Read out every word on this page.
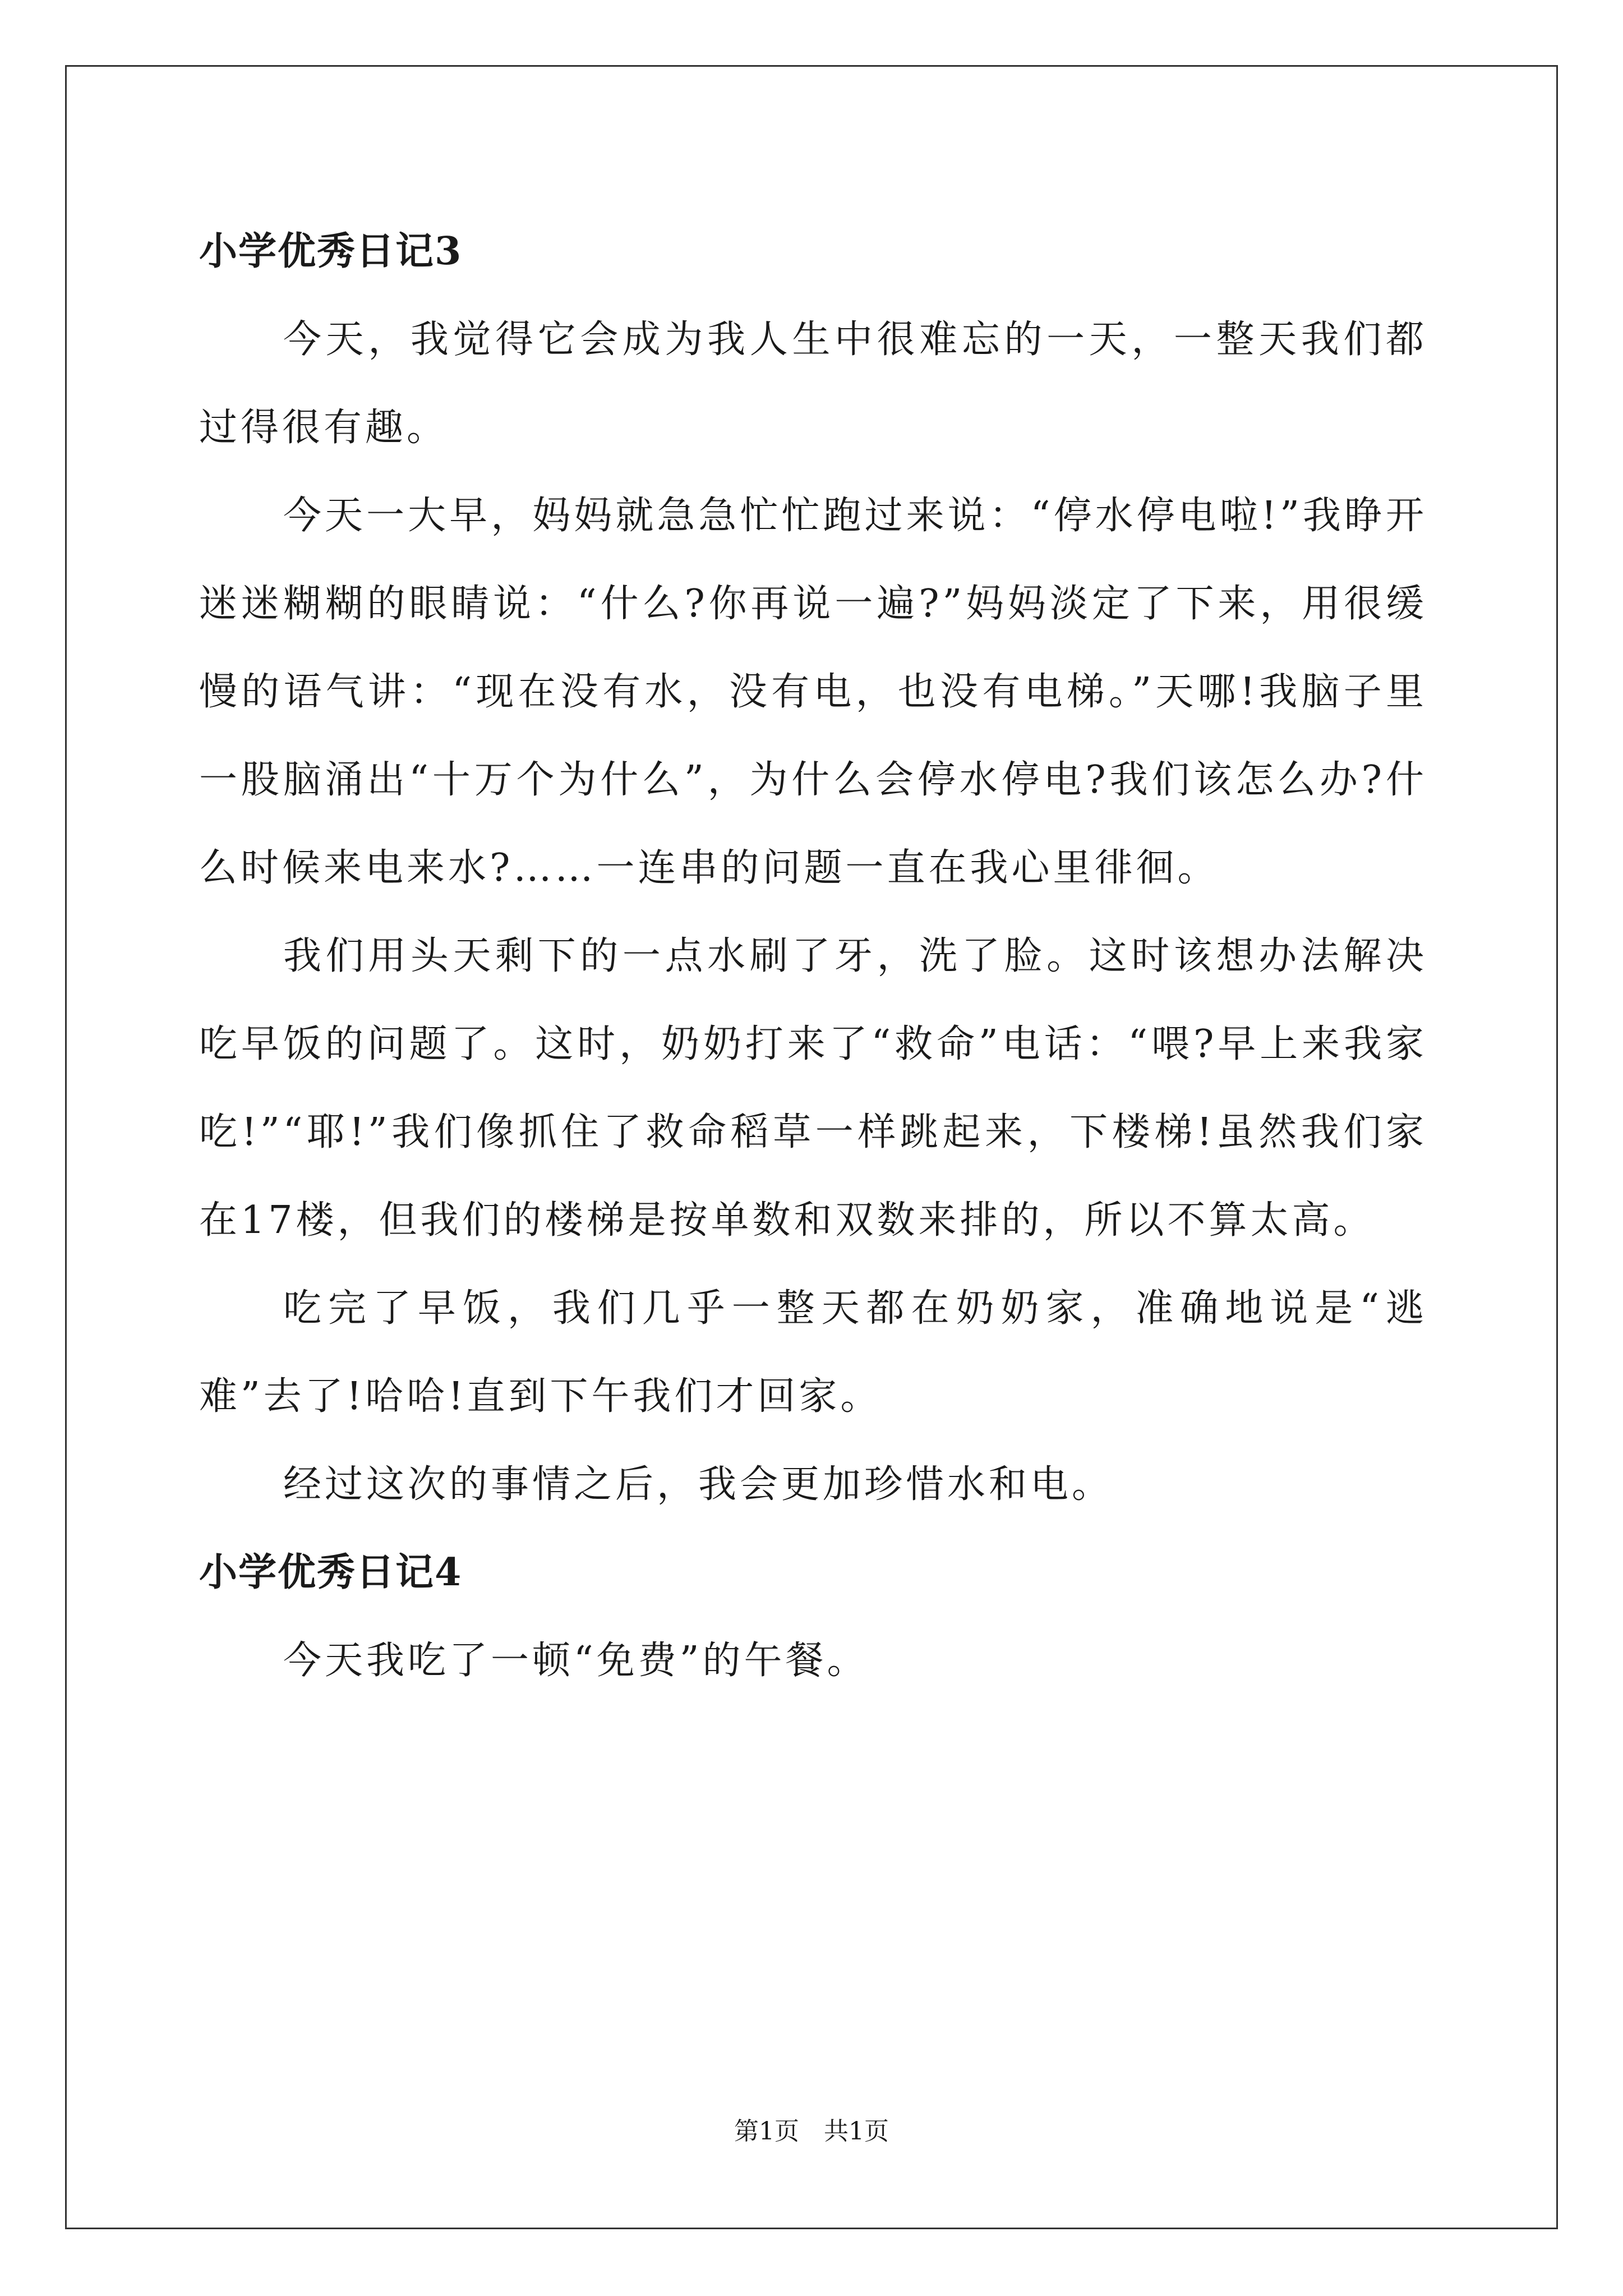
小学优秀日记3

今天，我觉得它会成为我人生中很难忘的一天，一整天我们都过得很有趣。

今天一大早，妈妈就急急忙忙跑过来说：“停水停电啦!”我睁开迷迷糊糊的眼睛说：“什么?你再说一遍?”妈妈淡定了下来，用很缓慢的语气讲：“现在没有水，没有电，也没有电梯。”天哪!我脑子里一股脑涌出“十万个为什么”，为什么会停水停电?我们该怎么办?什么时候来电来水?……一连串的问题一直在我心里徘徊。

我们用头天剩下的一点水刷了牙，洗了脸。这时该想办法解决吃早饭的问题了。这时，奶奶打来了“救命”电话：“喂?早上来我家吃!”“耶!”我们像抓住了救命稻草一样跳起来，下楼梯!虽然我们家在17楼，但我们的楼梯是按单数和双数来排的，所以不算太高。

吃完了早饭，我们几乎一整天都在奶奶家，准确地说是“逃难”去了!哈哈!直到下午我们才回家。

经过这次的事情之后，我会更加珍惜水和电。

小学优秀日记4

今天我吃了一顿“免费”的午餐。

第1页 共1页
